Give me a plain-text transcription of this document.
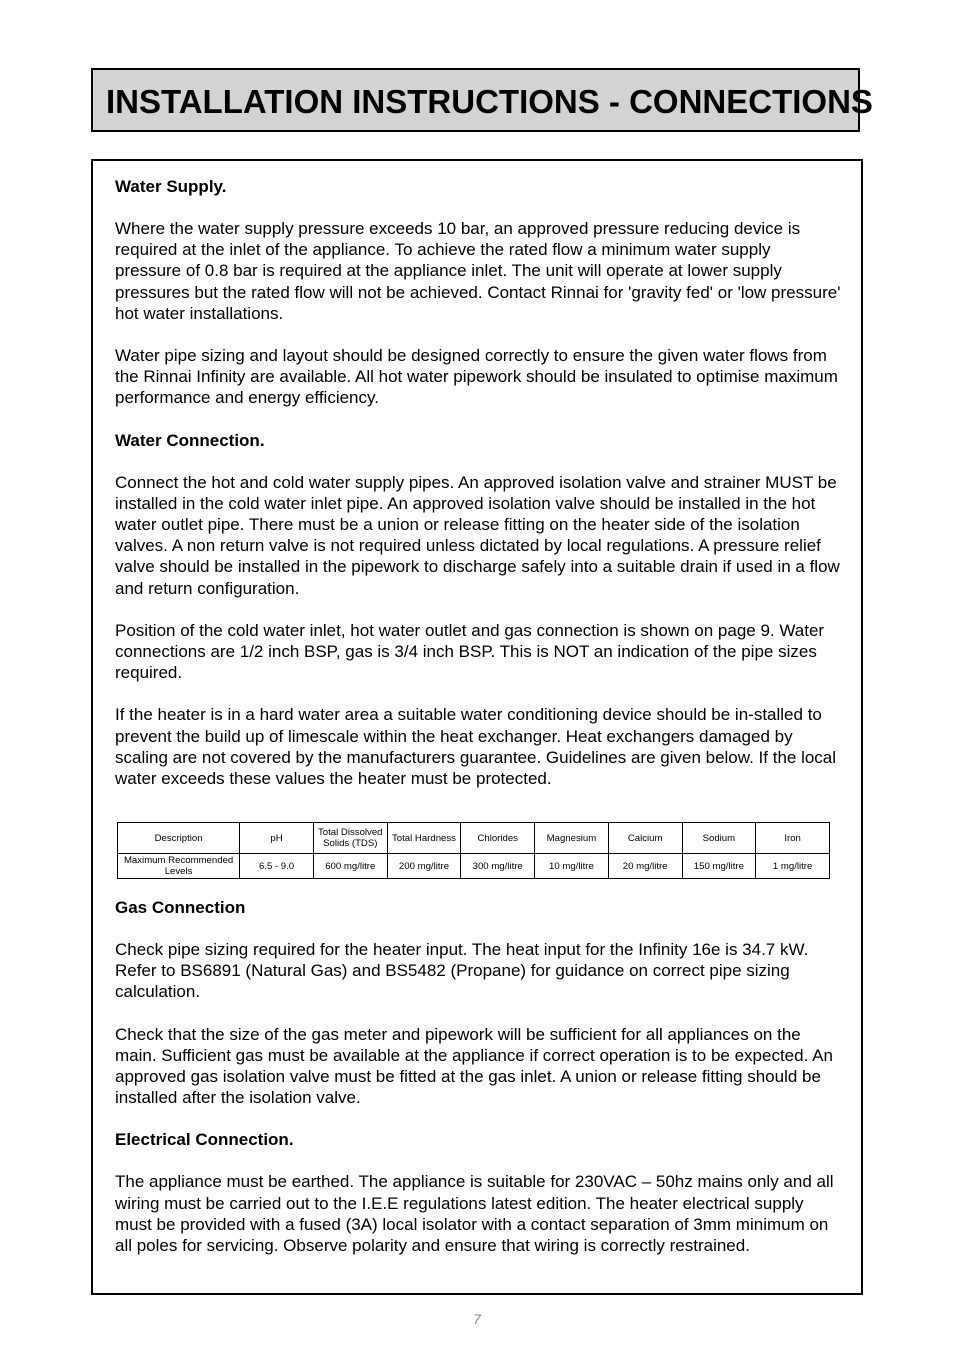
INSTALLATION INSTRUCTIONS - CONNECTIONS
Water Supply.

Where the water supply pressure exceeds 10 bar, an approved pressure reducing device is required at the inlet of the appliance. To achieve the rated flow a minimum water supply pressure of 0.8 bar is required at the appliance inlet. The unit will operate at lower supply pressures but the rated flow will not be achieved. Contact Rinnai for 'gravity fed' or 'low pressure' hot water installations.

Water pipe sizing and layout should be designed correctly to ensure the given water flows from the Rinnai Infinity are available. All hot water pipework should be insulated to optimise maximum performance and energy efficiency.

Water Connection.

Connect the hot and cold water supply pipes. An approved isolation valve and strainer MUST be installed in the cold water inlet pipe. An approved isolation valve should be installed in the hot water outlet pipe. There must be a union or release fitting on the heater side of the isolation valves. A non return valve is not required unless dictated by local regulations. A pressure relief valve should be installed in the pipework to discharge safely into a suitable drain if used in a flow and return configuration.

Position of the cold water inlet, hot water outlet and gas connection is shown on page 9. Water connections are 1/2 inch BSP, gas is 3/4 inch BSP. This is NOT an indication of the pipe sizes required.

If the heater is in a hard water area a suitable water conditioning device should be in-stalled to prevent the build up of limescale within the heat exchanger. Heat exchangers damaged by scaling are not covered by the manufacturers guarantee. Guidelines are given below. If the local water exceeds these values the heater must be protected.

Description	pH	Total Dissolved Solids (TDS)	Total Hardness	Chlorides	Magnesium	Calcium	Sodium	Iron
Maximum Recommended Levels	6.5 - 9.0	600 mg/litre	200 mg/litre	300 mg/litre	10 mg/litre	20 mg/litre	150 mg/litre	1 mg/litre
Gas Connection

Check pipe sizing required for the heater input. The heat input for the Infinity 16e is 34.7 kW. Refer to BS6891 (Natural Gas) and BS5482 (Propane) for guidance on correct pipe sizing calculation.

Check that the size of the gas meter and pipework will be sufficient for all appliances on the main. Sufficient gas must be available at the appliance if correct operation is to be expected. An approved gas isolation valve must be fitted at the gas inlet. A union or release fitting should be installed after the isolation valve.

Electrical Connection.

The appliance must be earthed. The appliance is suitable for 230VAC – 50hz mains only and all wiring must be carried out to the I.E.E regulations latest edition. The heater electrical supply must be provided with a fused (3A) local isolator with a contact separation of 3mm minimum on all poles for servicing. Observe polarity and ensure that wiring is correctly restrained.

7
